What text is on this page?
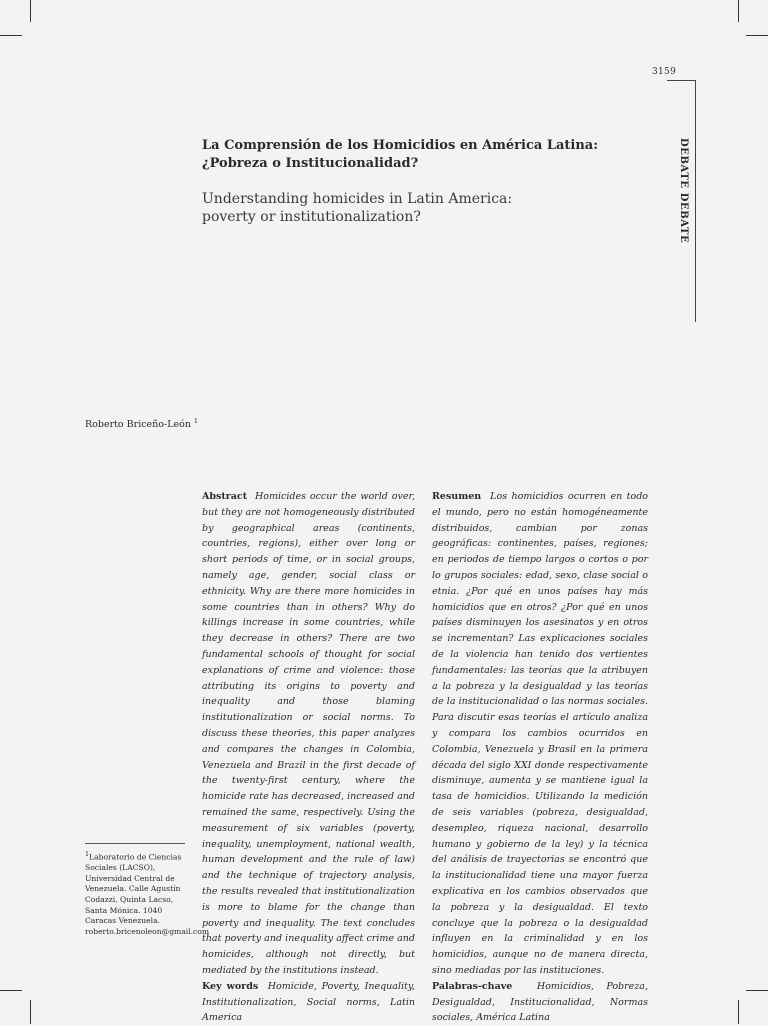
3159
DEBATE DEBATE
La Comprensión de los Homicidios en América Latina:
¿Pobreza o Institucionalidad?
Understanding homicides in Latin America:
poverty or institutionalization?
Roberto Briceño-León $^1$

Abstract Homicides occur the world over, but they are not homogeneously distributed by geographical areas (continents, countries, regions), either over long or short periods of time, or in social groups, namely age, gender, social class or ethnicity. Why are there more homicides in some countries than in others? Why do killings increase in some countries, while they decrease in others? There are two fundamental schools of thought for social explanations of crime and violence: those attributing its origins to poverty and inequality and those blaming institutionalization or social norms. To discuss these theories, this paper analyzes and compares the changes in Colombia, Venezuela and Brazil in the first decade of the twenty-first century, where the homicide rate has decreased, increased and remained the same, respectively. Using the measurement of six variables (poverty, inequality, unemployment, national wealth, human development and the rule of law) and the technique of trajectory analysis, the results revealed that institutionalization is more to blame for the change than poverty and inequality. The text concludes that poverty and inequality affect crime and homicides, although not directly, but mediated by the institutions instead.

Key words Homicide, Poverty, Inequality, Institutionalization, Social norms, Latin America

Resumen Los homicidios ocurren en todo el mundo, pero no están homogéneamente distribuidos, cambian por zonas geográficas: continentes, países, regiones; en periodos de tiempo largos o cortos o por lo grupos sociales: edad, sexo, clase social o etnia. ¿Por qué en unos países hay más homicidios que en otros? ¿Por qué en unos países disminuyen los asesinatos y en otros se incrementan? Las explicaciones sociales de la violencia han tenido dos vertientes fundamentales: las teorías que la atribuyen a la pobreza y la desigualdad y las teorías de la institucionalidad o las normas sociales. Para discutir esas teorías el artículo analiza y compara los cambios ocurridos en Colombia, Venezuela y Brasil en la primera década del siglo XXI donde respectivamente disminuye, aumenta y se mantiene igual la tasa de homicidios. Utilizando la medición de seis variables (pobreza, desigualdad, desempleo, riqueza nacional, desarrollo humano y gobierno de la ley) y la técnica del análisis de trayectorias se encontró que la institucionalidad tiene una mayor fuerza explicativa en los cambios observados que la pobreza y la desigualdad. El texto concluye que la pobreza o la desigualdad influyen en la criminalidad y en los homicidios, aunque no de manera directa, sino mediadas por las instituciones.

Palabras-chave	Homicidios, Pobreza, Desigualdad, Institucionalidad, Normas sociales, América Latina

$^1$Laboratorio de Ciencias
Sociales (LACSO),
Universidad Central de
Venezuela. Calle Agustín
Codazzi, Quinta Lacso,
Santa Mónica. 1040
Caracas Venezuela.
roberto.bricenoleon@gmail.com
